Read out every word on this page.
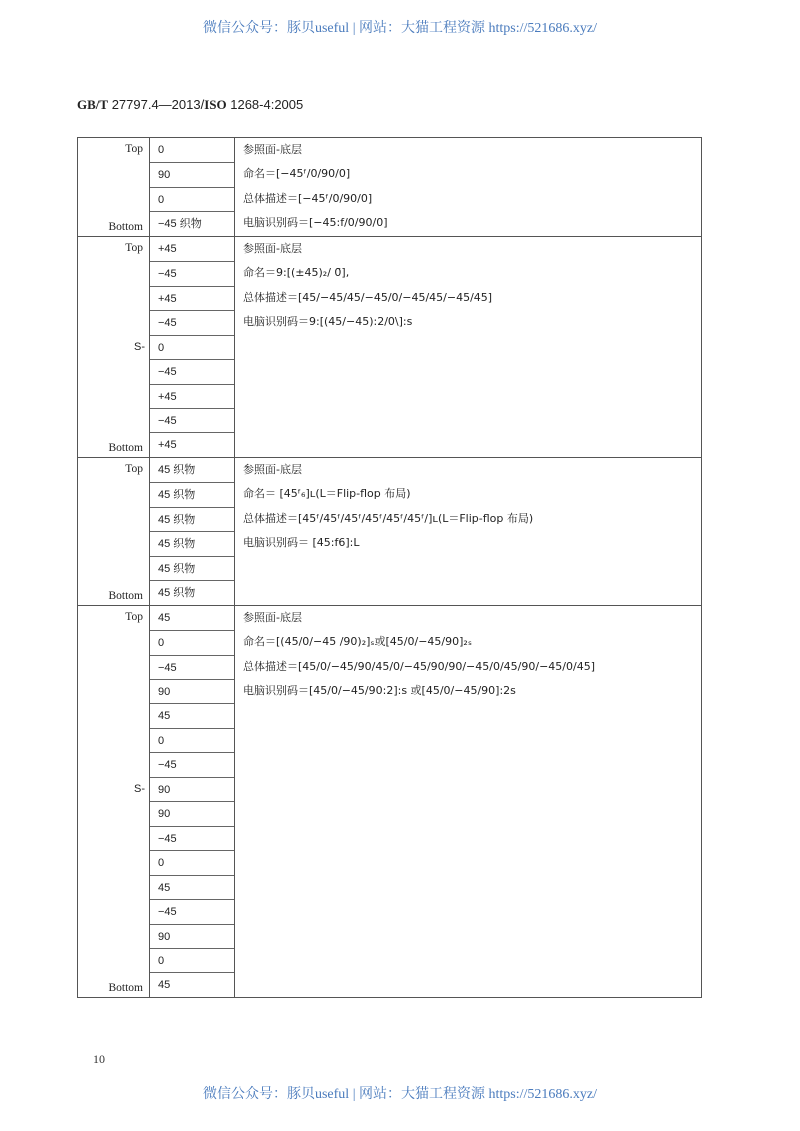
微信公众号：豚贝useful | 网站：大猫工程资源 https://521686.xyz/
GB/T 27797.4—2013/ISO 1268-4:2005
Top
Bottom
0
90
0
−45 织物
参照面-底层
命名＝[−45ᶠ/0/90/0]
总体描述＝[−45ᶠ/0/90/0]
电脑识别码＝[−45:f/0/90/0]
Top
S-
Bottom
+45
−45
+45
−45
0
−45
+45
−45
+45
参照面-底层
命名＝9:[(±45)₂/ 0̄],
总体描述＝[45/−45/45/−45/0/−45/45/−45/45]
电脑识别码＝9:[(45/−45):2/0\]:s
Top
Bottom
45 织物
45 织物
45 织物
45 织物
45 织物
45 织物
参照面-底层
命名＝ [45ᶠ₆]ʟ(L＝Flip-flop 布局)
总体描述＝[45ᶠ/45ᶠ/45ᶠ/45ᶠ/45ᶠ/45ᶠ/]ʟ(L＝Flip-flop 布局)
电脑识别码＝ [45:f6]:L
Top
S-
Bottom
45
0
−45
90
45
0
−45
90
90
−45
0
45
−45
90
0
45
参照面-底层
命名＝[(45/0/−45 /90)₂]ₛ或[45/0/−45/90]₂ₛ
总体描述＝[45/0/−45/90/45/0/−45/90/90/−45/0/45/90/−45/0/45]
电脑识别码＝[45/0/−45/90:2]:s 或[45/0/−45/90]:2s
10
微信公众号：豚贝useful | 网站：大猫工程资源 https://521686.xyz/
